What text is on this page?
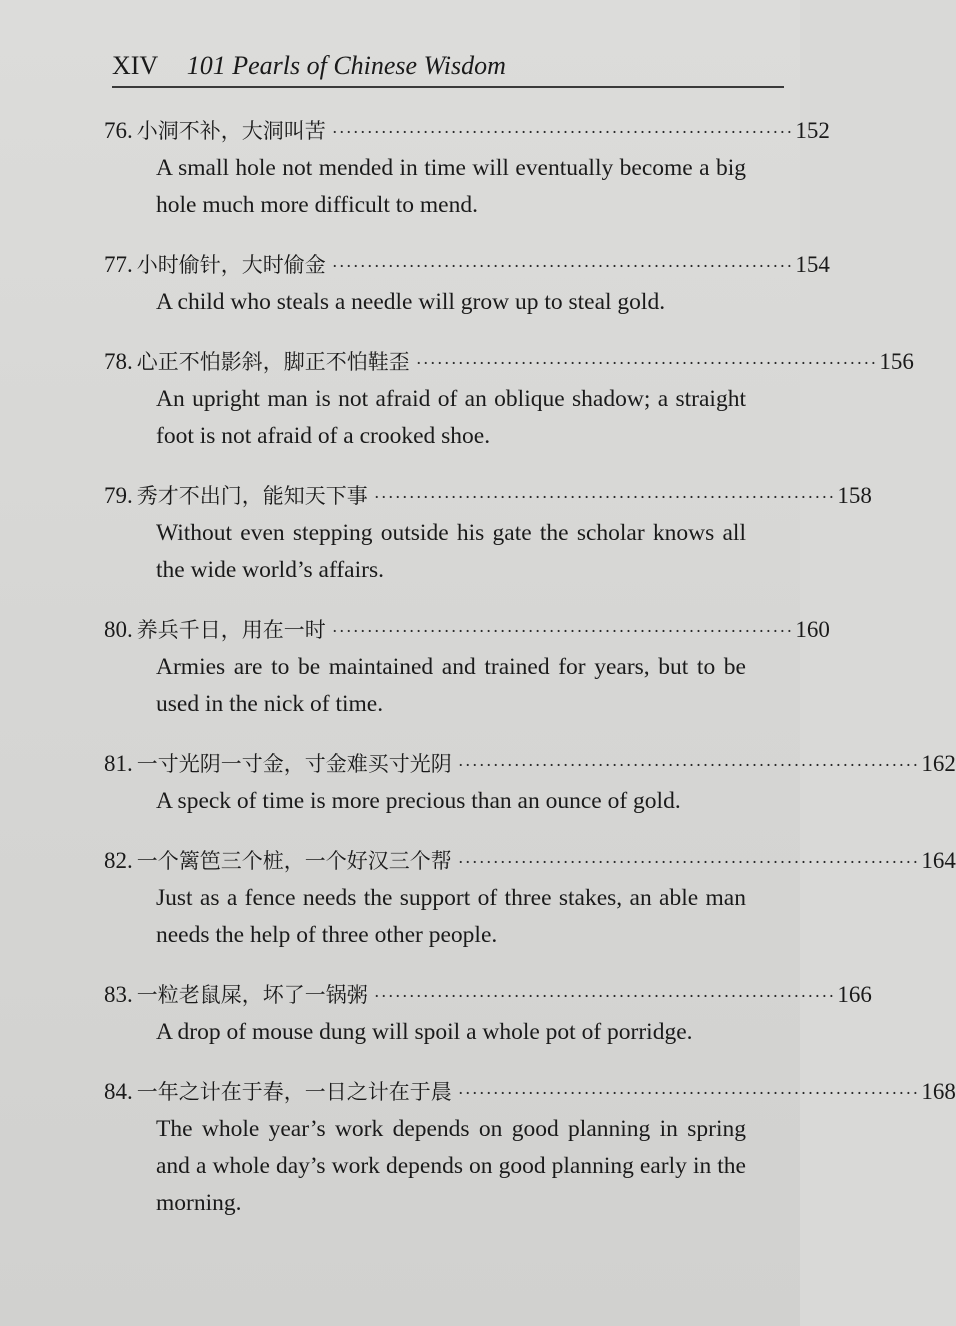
XIV 101 Pearls of Chinese Wisdom
76. 小洞不补，大洞叫苦 ·································································· 152
A small hole not mended in time will eventually become a big hole much more difficult to mend.
77. 小时偷针，大时偷金 ·································································· 154
A child who steals a needle will grow up to steal gold.
78. 心正不怕影斜，脚正不怕鞋歪 ·································································· 156
An upright man is not afraid of an oblique shadow; a straight foot is not afraid of a crooked shoe.
79. 秀才不出门，能知天下事 ·································································· 158
Without even stepping outside his gate the scholar knows all the wide world’s affairs.
80. 养兵千日，用在一时 ·································································· 160
Armies are to be maintained and trained for years, but to be used in the nick of time.
81. 一寸光阴一寸金，寸金难买寸光阴 ·································································· 162
A speck of time is more precious than an ounce of gold.
82. 一个篱笆三个桩，一个好汉三个帮 ·································································· 164
Just as a fence needs the support of three stakes, an able man needs the help of three other people.
83. 一粒老鼠屎，坏了一锅粥 ·································································· 166
A drop of mouse dung will spoil a whole pot of porridge.
84. 一年之计在于春，一日之计在于晨 ·································································· 168
The whole year’s work depends on good planning in spring and a whole day’s work depends on good planning early in the morning.
